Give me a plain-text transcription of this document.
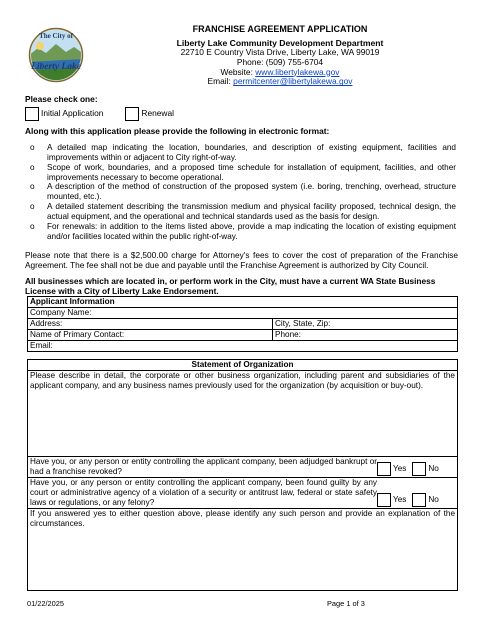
The City of
Liberty Lake
FRANCHISE AGREEMENT APPLICATION
Liberty Lake Community Development Department
22710 E Country Vista Drive, Liberty Lake, WA 99019
Phone: (509) 755-6704
Website: www.libertylakewa.gov
Email: permitcenter@libertylakewa.gov
Please check one:
Initial Application	Renewal
Along with this application please provide the following in electronic format:
o A detailed map indicating the location, boundaries, and description of existing equipment, facilities and improvements within or adjacent to City right-of-way.
o Scope of work, boundaries, and a proposed time schedule for installation of equipment, facilities, and other improvements necessary to become operational.
o A description of the method of construction of the proposed system (i.e. boring, trenching, overhead, structure mounted, etc.).
o A detailed statement describing the transmission medium and physical facility proposed, technical design, the actual equipment, and the operational and technical standards used as the basis for design.
o For renewals: in addition to the items listed above, provide a map indicating the location of existing equipment and/or facilities located within the public right-of-way.
Please note that there is a $2,500.00 charge for Attorney's fees to cover the cost of preparation of the Franchise Agreement. The fee shall not be due and payable until the Franchise Agreement is authorized by City Council.
All businesses which are located in, or perform work in the City, must have a current WA State Business License with a City of Liberty Lake Endorsement.
Applicant Information	
Company Name:	
Address:	City, State, Zip:
Name of Primary Contact:	Phone:
Email:	
Statement of Organization
Please describe in detail, the corporate or other business organization, including parent and subsidiaries of the applicant company, and any business names previously used for the organization (by acquisition or buy-out).

Have you, or any person or entity controlling the applicant company, been adjudged bankrupt or had a franchise revoked?	Yes	No

Have you, or any person or entity controlling the applicant company, been found guilty by any court or administrative agency of a violation of a security or antitrust law, federal or state safety laws or regulations, or any felony?	Yes	No

If you answered yes to either question above, please identify any such person and provide an explanation of the circumstances.
01/22/2025	Page 1 of 3
